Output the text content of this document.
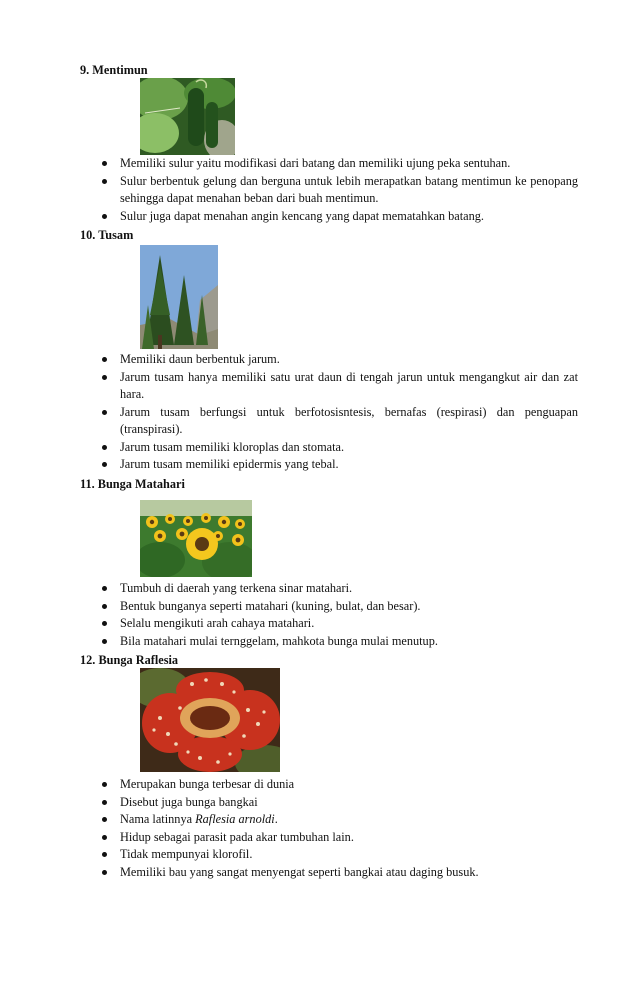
9. Mentimun
Memiliki sulur yaitu modifikasi dari batang dan memiliki ujung peka sentuhan.
Sulur berbentuk gelung dan berguna untuk lebih merapatkan batang mentimun ke penopang sehingga dapat menahan beban dari buah mentimun.
Sulur juga dapat menahan angin kencang yang dapat mematahkan batang.
10. Tusam
Memiliki daun berbentuk jarum.
Jarum tusam hanya memiliki satu urat daun di tengah jarun untuk mengangkut air dan zat hara.
Jarum tusam berfungsi untuk berfotosisntesis, bernafas (respirasi) dan penguapan (transpirasi).
Jarum tusam memiliki kloroplas dan stomata.
Jarum tusam memiliki epidermis yang tebal.
11. Bunga Matahari
Tumbuh di daerah yang terkena sinar matahari.
Bentuk bunganya seperti matahari (kuning, bulat, dan besar).
Selalu mengikuti arah cahaya matahari.
Bila matahari mulai ternggelam, mahkota bunga mulai menutup.
12. Bunga Raflesia
Merupakan bunga terbesar di dunia
Disebut juga bunga bangkai
Nama latinnya Raflesia arnoldi.
Hidup sebagai parasit pada akar tumbuhan lain.
Tidak mempunyai klorofil.
Memiliki bau yang sangat menyengat seperti bangkai atau daging busuk.
